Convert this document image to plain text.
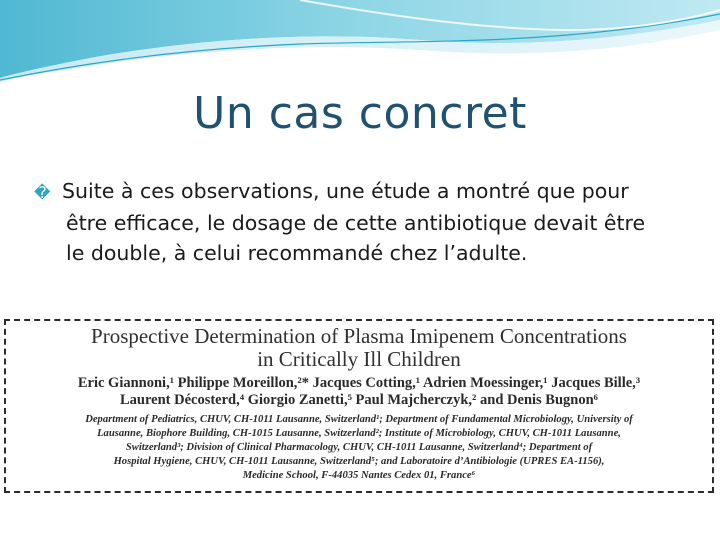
Un cas concret
� Suite à ces observations, une étude a montré que pour
être efficace, le dosage de cette antibiotique devait être
le double, à celui recommandé chez l’adulte.
Prospective Determination of Plasma Imipenem Concentrations
in Critically Ill Children
Eric Giannoni,¹ Philippe Moreillon,²* Jacques Cotting,¹ Adrien Moessinger,¹ Jacques Bille,³
Laurent Décosterd,⁴ Giorgio Zanetti,⁵ Paul Majcherczyk,² and Denis Bugnon⁶
Department of Pediatrics, CHUV, CH-1011 Lausanne, Switzerland¹; Department of Fundamental Microbiology, University of
Lausanne, Biophore Building, CH-1015 Lausanne, Switzerland²; Institute of Microbiology, CHUV, CH-1011 Lausanne,
Switzerland³; Division of Clinical Pharmacology, CHUV, CH-1011 Lausanne, Switzerland⁴; Department of
Hospital Hygiene, CHUV, CH-1011 Lausanne, Switzerland⁵; and Laboratoire d’Antibiologie (UPRES EA-1156),
Medicine School, F-44035 Nantes Cedex 01, France⁶
